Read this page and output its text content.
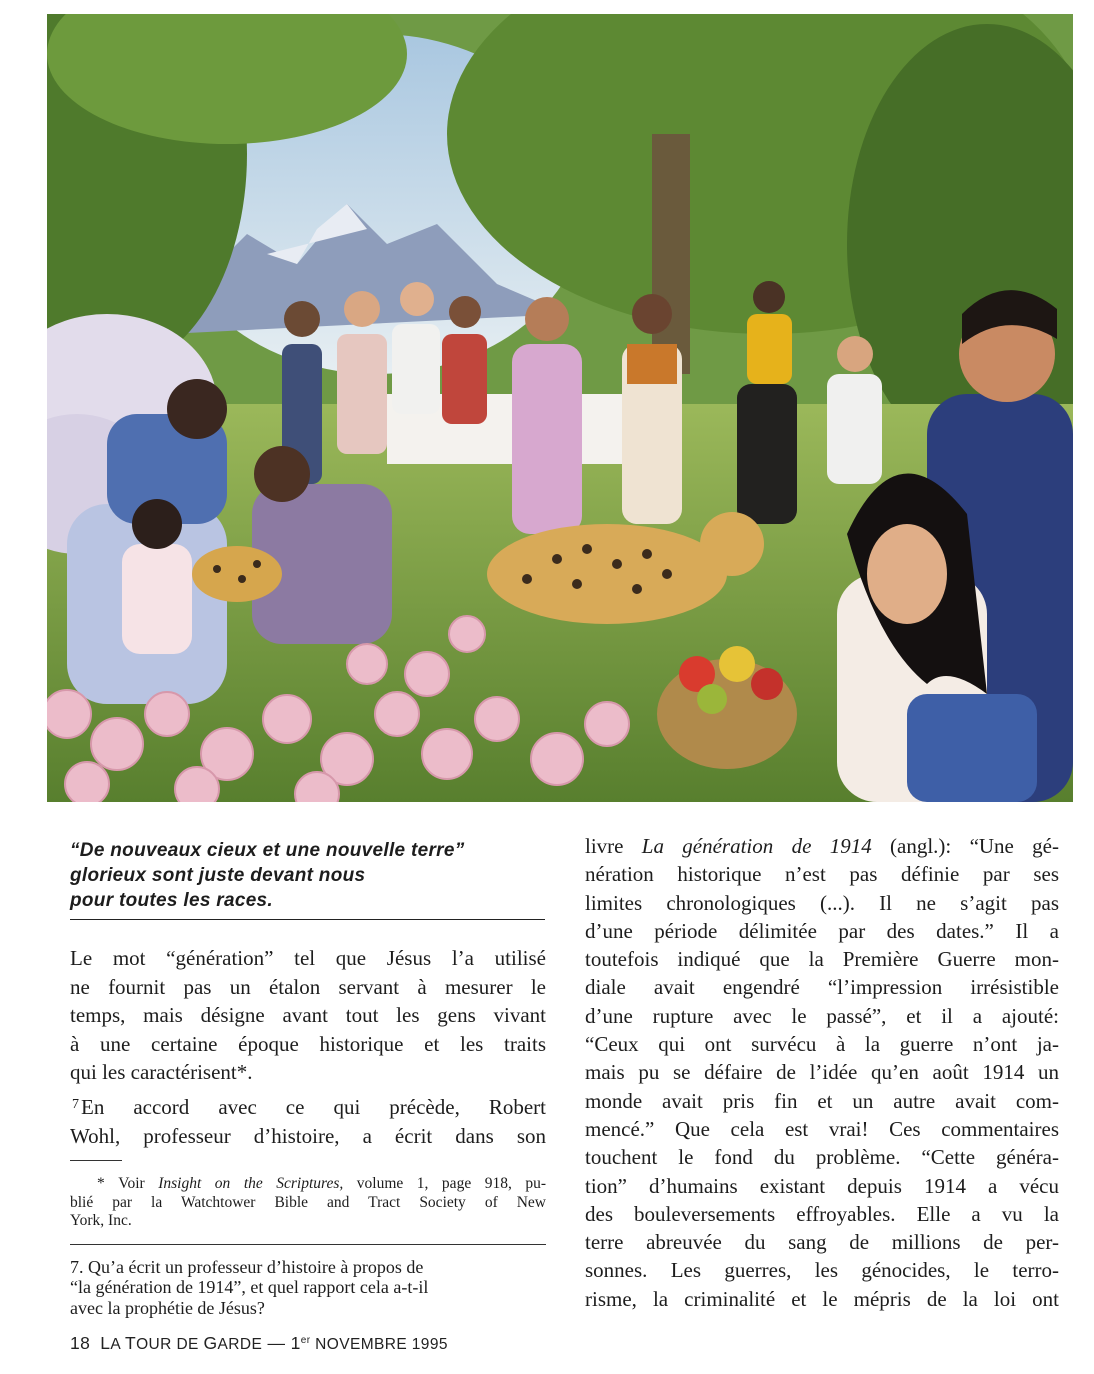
“De nouveaux cieux et une nouvelle terre”
glorieux sont juste devant nous
pour toutes les races.

Le mot “génération” tel que Jésus l’a utilisé
ne fournit pas un étalon servant à mesurer le
temps, mais désigne avant tout les gens vivant
à une certaine époque historique et les traits
qui les caractérisent*.

$^7$En accord avec ce qui précède, Robert
Wohl, professeur d’histoire, a écrit dans son

* Voir Insight on the Scriptures, volume 1, page 918, pu-
blié par la Watchtower Bible and Tract Society of New
York, Inc.

7. Qu’a écrit un professeur d’histoire à propos de
“la génération de 1914”, et quel rapport cela a-t-il
avec la prophétie de Jésus?

livre La génération de 1914 (angl.): “Une gé-
nération historique n’est pas définie par ses
limites chronologiques (...). Il ne s’agit pas
d’une période délimitée par des dates.” Il a
toutefois indiqué que la Première Guerre mon-
diale avait engendré “l’impression irrésistible
d’une rupture avec le passé”, et il a ajouté:
“Ceux qui ont survécu à la guerre n’ont ja-
mais pu se défaire de l’idée qu’en août 1914 un
monde avait pris fin et un autre avait com-
mencé.” Que cela est vrai! Ces commentaires
touchent le fond du problème. “Cette généra-
tion” d’humains existant depuis 1914 a vécu
des bouleversements effroyables. Elle a vu la
terre abreuvée du sang de millions de per-
sonnes. Les guerres, les génocides, le terro-
risme, la criminalité et le mépris de la loi ont

18 LA TOUR DE GARDE — 1er NOVEMBRE 1995
